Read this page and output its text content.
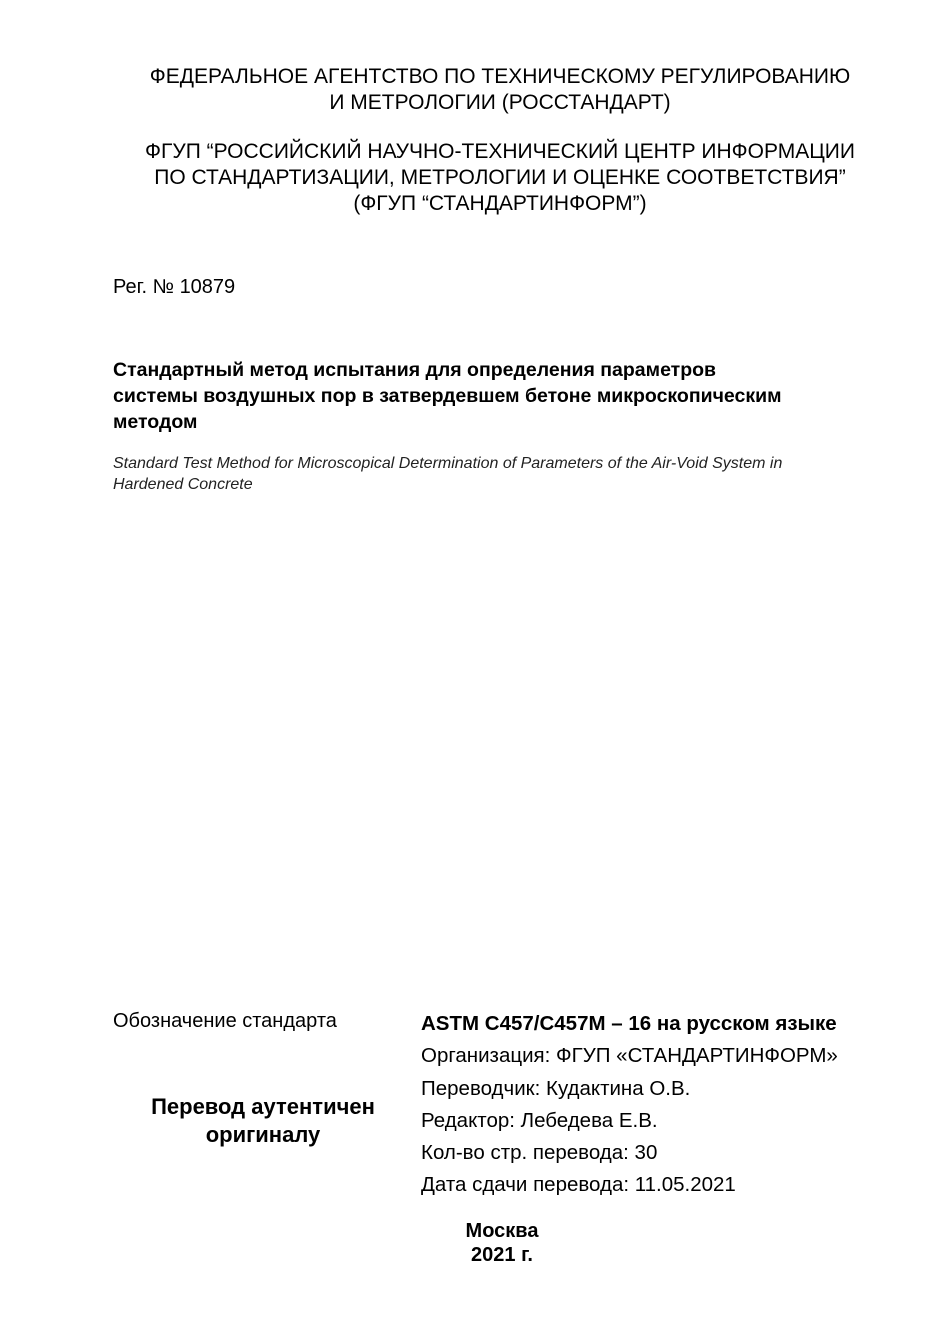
ФЕДЕРАЛЬНОЕ АГЕНТСТВО ПО ТЕХНИЧЕСКОМУ РЕГУЛИРОВАНИЮ
И МЕТРОЛОГИИ (РОССТАНДАРТ)
ФГУП “РОССИЙСКИЙ НАУЧНО-ТЕХНИЧЕСКИЙ ЦЕНТР ИНФОРМАЦИИ
ПО СТАНДАРТИЗАЦИИ, МЕТРОЛОГИИ И ОЦЕНКЕ СООТВЕТСТВИЯ”
(ФГУП “СТАНДАРТИНФОРМ”)
Рег. № 10879
Стандартный метод испытания для определения параметров
системы воздушных пор в затвердевшем бетоне микроскопическим
методом
Standard Test Method for Microscopical Determination of Parameters of the Air-Void System in
Hardened Concrete
Обозначение стандарта
Перевод аутентичен
оригиналу
ASTM C457/C457M – 16 на русском языке
Организация: ФГУП «СТАНДАРТИНФОРМ»
Переводчик: Кудактина О.В.
Редактор: Лебедева Е.В.
Кол-во стр. перевода: 30
Дата сдачи перевода: 11.05.2021
Москва
2021 г.
